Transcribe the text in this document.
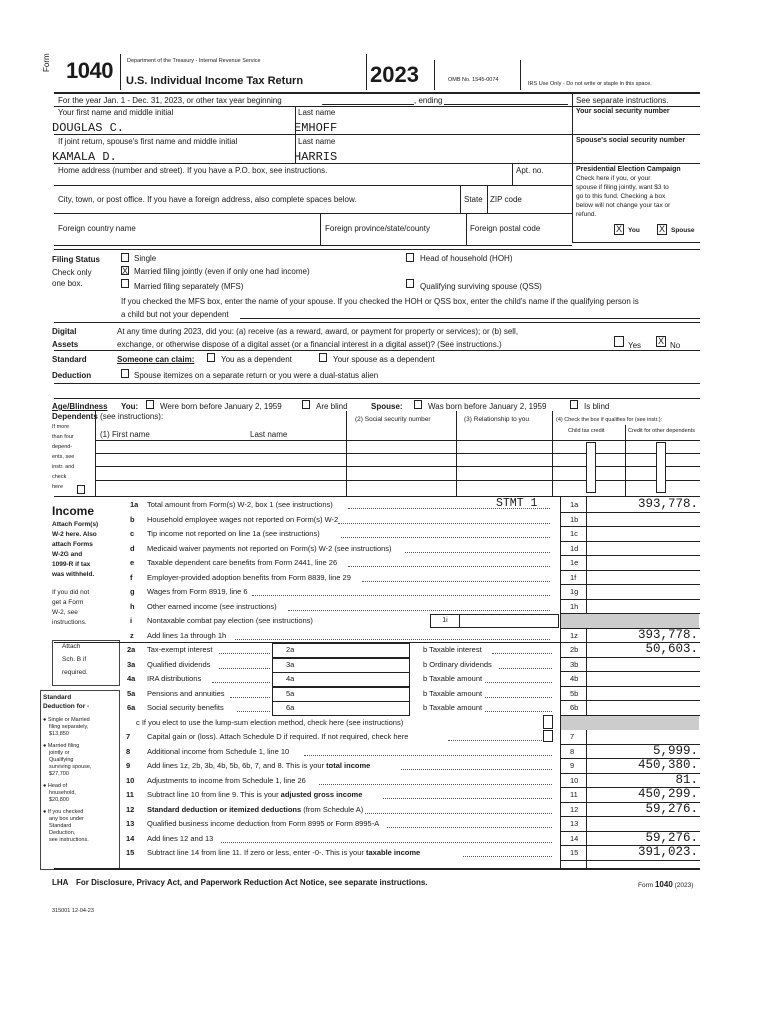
Form 1040	Department of the Treasury - Internal Revenue Service
U.S. Individual Income Tax Return	2023	OMB No. 1545-0074
IRS Use Only - Do not write or staple in this space.
For the year Jan. 1 - Dec. 31, 2023, or other tax year beginning	, ending	See separate instructions.
Your first name and middle initial
DOUGLAS C.
Last name
EMHOFF
Your social security number
If joint return, spouse's first name and middle initial
KAMALA D.
Last name
HARRIS
Spouse's social security number
Home address (number and street). If you have a P.O. box, see instructions.	Apt. no.
City, town, or post office. If you have a foreign address, also complete spaces below.	State ZIP code
Foreign country name	Foreign province/state/county	Foreign postal code
Presidential Election Campaign
Check here if you, or your
spouse if filing jointly, want $3 to
go to this fund. Checking a box
below will not change your tax or
refund.
X You X Spouse
Filing Status
Check only
one box.
Single
X Married filing jointly (even if only one had income)
Married filing separately (MFS)
Head of household (HOH)
Qualifying surviving spouse (QSS)
If you checked the MFS box, enter the name of your spouse. If you checked the HOH or QSS box, enter the child's name if the qualifying person is
a child but not your dependent
Digital
Assets
At any time during 2023, did you: (a) receive (as a reward, award, or payment for property or services); or (b) sell,
exchange, or otherwise dispose of a digital asset (or a financial interest in a digital asset)? (See instructions.)	Yes X No
Standard
Deduction
Someone can claim:	You as a dependent	Your spouse as a dependent
Spouse itemizes on a separate return or you were a dual-status alien
Age/Blindness You:	Were born before January 2, 1959	Are blind	Spouse:	Was born before January 2, 1959	Is blind
Dependents (see instructions):
If more
than four
depend-
ents, see
instr. and
check
here
(1) First name	Last name
(2) Social security number	(3) Relationship to you	(4) Check the box if qualifies for (see instr.):
Child tax credit	Credit for other dependents
Income
Attach Form(s)
W-2 here. Also
attach Forms
W-2G and
1099-R if tax
was withheld.
If you did not
get a Form
W-2, see
instructions.
Attach
Sch. B if
required.
Standard
Deduction for -
● Single or Married
filing separately,
$13,850
● Married filing
jointly or
Qualifying
surviving spouse,
$27,700
● Head of
household,
$20,800
● If you checked
any box under
Standard
Deduction,
see instructions.
1a Total amount from Form(s) W-2, box 1 (see instructions)	1a	393,778.
b Household employee wages not reported on Form(s) W-2	1b
c Tip income not reported on line 1a (see instructions)	1c
d Medicaid waiver payments not reported on Form(s) W-2 (see instructions)	1d
e Taxable dependent care benefits from Form 2441, line 26	1e
f Employer-provided adoption benefits from Form 8839, line 29	1f
g Wages from Form 8919, line 6	1g
h Other earned income (see instructions)	1h
i Nontaxable combat pay election (see instructions)	1i
z Add lines 1a through 1h	1z	393,778.
STMT 1
2a Tax-exempt interest	2a	b Taxable interest	2b	50,603.
3a Qualified dividends	3a	b Ordinary dividends	3b
4a IRA distributions	4a	b Taxable amount	4b
5a Pensions and annuities	5a	b Taxable amount	5b
6a Social security benefits	6a	b Taxable amount	6b
c If you elect to use the lump-sum election method, check here (see instructions)
7 Capital gain or (loss). Attach Schedule D if required. If not required, check here	7
8 Additional income from Schedule 1, line 10	8	5,999.
9 Add lines 1z, 2b, 3b, 4b, 5b, 6b, 7, and 8. This is your total income	9	450,380.
10 Adjustments to income from Schedule 1, line 26	10	81.
11 Subtract line 10 from line 9. This is your adjusted gross income	11	450,299.
12 Standard deduction or itemized deductions (from Schedule A)	12	59,276.
13 Qualified business income deduction from Form 8995 or Form 8995-A	13
14 Add lines 12 and 13	14	59,276.
15 Subtract line 14 from line 11. If zero or less, enter -0-. This is your taxable income	15	391,023.
LHA For Disclosure, Privacy Act, and Paperwork Reduction Act Notice, see separate instructions.	Form 1040 (2023)
315001 12-04-23
